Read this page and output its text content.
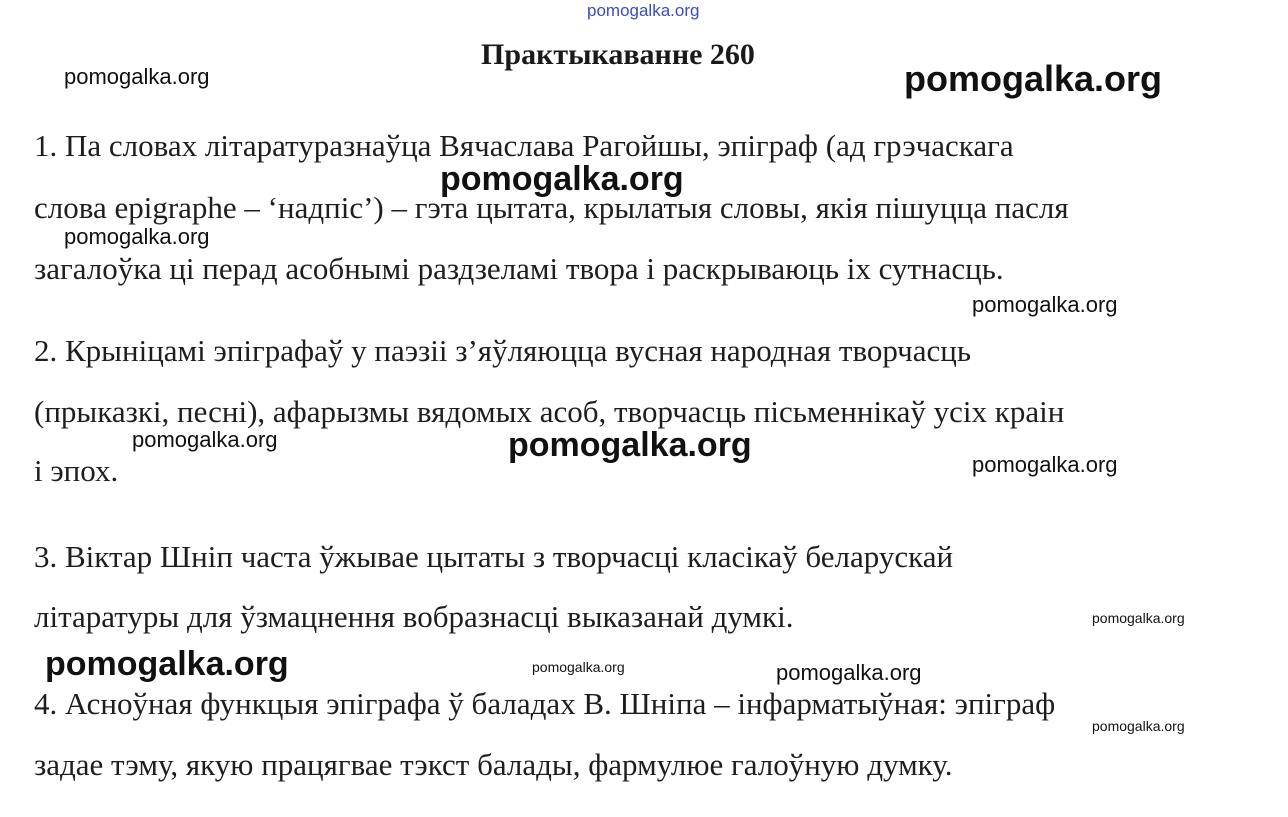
pomogalka.org
Практыкаванне 260
1. Па словах літаратуразнаўца Вячаслава Рагойшы, эпіграф (ад грэчаскага
слова epigraphe – ‘надпіс’) – гэта цытата, крылатыя словы, якія пішуцца пасля
загалоўка ці перад асобнымі раздзеламі твора і раскрываюць іх сутнасць.
2. Крыніцамі эпіграфаў у паэзіі з’яўляюцца вусная народная творчасць
(прыказкі, песні), афарызмы вядомых асоб, творчасць пісьменнікаў усіх краін
і эпох.
3. Віктар Шніп часта ўжывае цытаты з творчасці класікаў беларускай
літаратуры для ўзмацнення вобразнасці выказанай думкі.
4. Асноўная функцыя эпіграфа ў баладах В. Шніпа – інфарматыўная: эпіграф
задае тэму, якую працягвае тэкст балады, фармулюе галоўную думку.
pomogalka.org	pomogalka.org
pomogalka.org
pomogalka.org
pomogalka.org
pomogalka.org	pomogalka.org
pomogalka.org
pomogalka.org
pomogalka.org	pomogalka.org	pomogalka.org
pomogalka.org
